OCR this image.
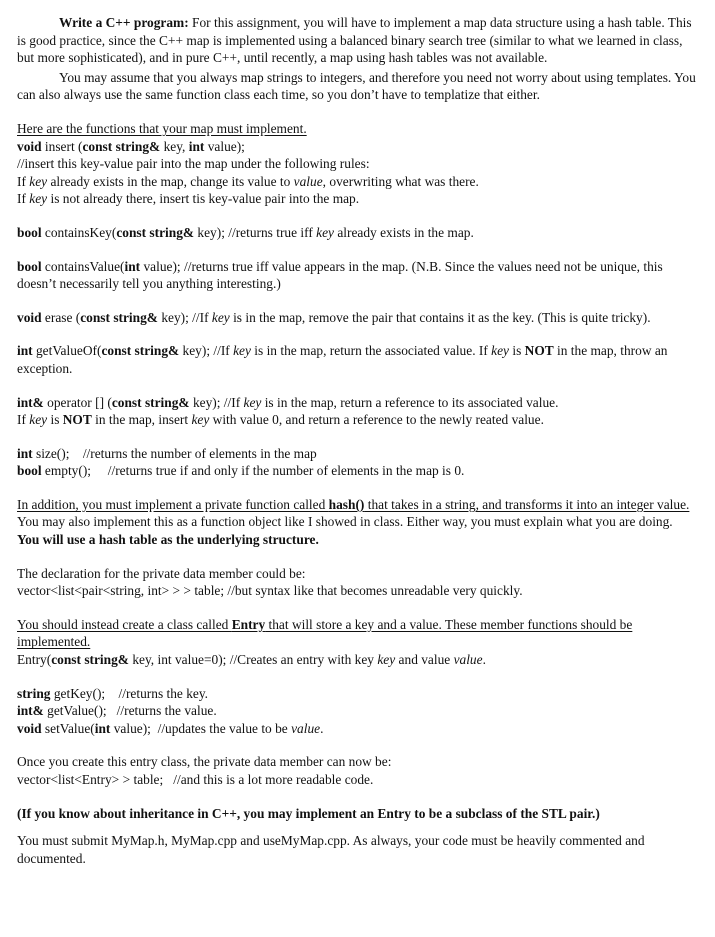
Write a C++ program: For this assignment, you will have to implement a map data structure using a hash table. This is good practice, since the C++ map is implemented using a balanced binary search tree (similar to what we learned in class, but more sophisticated), and in pure C++, until recently, a map using hash tables was not available.

You may assume that you always map strings to integers, and therefore you need not worry about using templates. You can also always use the same function class each time, so you don’t have to templatize that either.

Here are the functions that your map must implement.

void insert (const string& key, int value);

//insert this key-value pair into the map under the following rules:

If key already exists in the map, change its value to value, overwriting what was there.

If key is not already there, insert tis key-value pair into the map.

bool containsKey(const string& key); //returns true iff key already exists in the map.

bool containsValue(int value); //returns true iff value appears in the map. (N.B. Since the values need not be unique, this doesn’t necessarily tell you anything interesting.)

void erase (const string& key); //If key is in the map, remove the pair that contains it as the key. (This is quite tricky).

int getValueOf(const string& key); //If key is in the map, return the associated value. If key is NOT in the map, throw an exception.

int& operator [] (const string& key); //If key is in the map, return a reference to its associated value.

If key is NOT in the map, insert key with value 0, and return a reference to the newly reated value.

int size();    //returns the number of elements in the map

bool empty();     //returns true if and only if the number of elements in the map is 0.

In addition, you must implement a private function called hash() that takes in a string, and transforms it into an integer value. You may also implement this as a function object like I showed in class. Either way, you must explain what you are doing.

You will use a hash table as the underlying structure.

The declaration for the private data member could be:

vector<list<pair<string, int> > > table; //but syntax like that becomes unreadable very quickly.

You should instead create a class called Entry that will store a key and a value. These member functions should be implemented.

Entry(const string& key, int value=0); //Creates an entry with key key and value value.

string getKey();    //returns the key.

int& getValue();   //returns the value.

void setValue(int value);  //updates the value to be value.

Once you create this entry class, the private data member can now be:

vector<list<Entry> > table;   //and this is a lot more readable code.

(If you know about inheritance in C++, you may implement an Entry to be a subclass of the STL pair.)

You must submit MyMap.h, MyMap.cpp and useMyMap.cpp. As always, your code must be heavily commented and documented.
